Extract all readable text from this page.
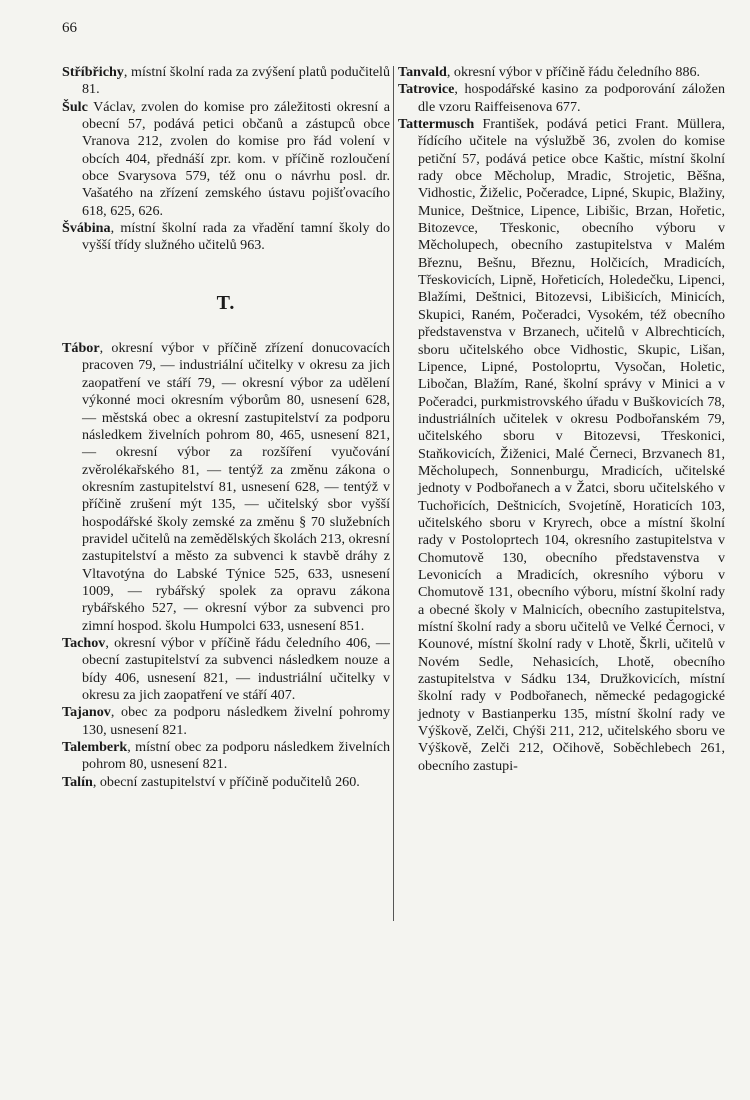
66

Stříbřichy, místní školní rada za zvýšení platů podučitelů 81.

Šulc Václav, zvolen do komise pro záležitosti okresní a obecní 57, podává petici občanů a zástupců obce Vranova 212, zvolen do komise pro řád volení v obcích 404, přednáší zpr. kom. v příčině rozloučení obce Svarysova 579, též onu o návrhu posl. dr. Vašatého na zřízení zemského ústavu pojišťovacího 618, 625, 626.

Švábina, místní školní rada za vřadění tamní školy do vyšší třídy služného učitelů 963.

T.

Tábor, okresní výbor v příčině zřízení donucovacích pracoven 79, — industriální učitelky v okresu za jich zaopatření ve stáří 79, — okresní výbor za udělení výkonné moci okresním výborům 80, usnesení 628, — městská obec a okresní zastupitelství za podporu následkem živelních pohrom 80, 465, usnesení 821, — okresní výbor za rozšíření vyučování zvěrolékařského 81, — tentýž za změnu zákona o okresním zastupitelství 81, usnesení 628, — tentýž v příčině zrušení mýt 135, — učitelský sbor vyšší hospodářské školy zemské za změnu § 70 služebních pravidel učitelů na zemědělských školách 213, okresní zastupitelství a město za subvenci k stavbě dráhy z Vltavotýna do Labské Týnice 525, 633, usnesení 1009, — rybářský spolek za opravu zákona rybářského 527, — okresní výbor za subvenci pro zimní hospod. školu Humpolci 633, usnesení 851.

Tachov, okresní výbor v příčině řádu čeledního 406, — obecní zastupitelství za subvenci následkem nouze a bídy 406, usnesení 821, — industriální učitelky v okresu za jich zaopatření ve stáří 407.

Tajanov, obec za podporu následkem živelní pohromy 130, usnesení 821.

Talemberk, místní obec za podporu následkem živelních pohrom 80, usnesení 821.

Talín, obecní zastupitelství v příčině podučitelů 260.

Tanvald, okresní výbor v příčině řádu čeledního 886.

Tatrovice, hospodářské kasino za podporování záložen dle vzoru Raiffeisenova 677.

Tattermusch František, podává petici Frant. Müllera, řídícího učitele na výslužbě 36, zvolen do komise petiční 57, podává petice obce Kaštic, místní školní rady obce Měcholup, Mradic, Strojetic, Běšna, Vidhostic, Žiželic, Počeradce, Lipné, Skupic, Blažiny, Munice, Deštnice, Lipence, Libišic, Brzan, Hořetic, Bitozevce, Třeskonic, obecního výboru v Měcholupech, obecního zastupitelstva v Malém Březnu, Bešnu, Březnu, Holčicích, Mradicích, Třeskovicích, Lipně, Hořeticích, Holedečku, Lipenci, Blažími, Deštnici, Bitozevsi, Libišicích, Minicích, Skupici, Raném, Počeradci, Vysokém, též obecního představenstva v Brzanech, učitelů v Albrechticích, sboru učitelského obce Vidhostic, Skupic, Lišan, Lipence, Lipné, Postoloprtu, Vysočan, Holetic, Libočan, Blažím, Rané, školní správy v Minici a v Počeradci, purkmistrovského úřadu v Buškovicích 78, industriálních učitelek v okresu Podbořanském 79, učitelského sboru v Bitozevsi, Třeskonici, Staňkovicích, Žiženici, Malé Černeci, Brzvanech 81, Měcholupech, Sonnenburgu, Mradicích, učitelské jednoty v Podbořanech a v Žatci, sboru učitelského v Tuchořicích, Deštnicích, Svojetíně, Horaticích 103, učitelského sboru v Kryrech, obce a místní školní rady v Postoloprtech 104, okresního zastupitelstva v Chomutově 130, obecního představenstva v Levonicích a Mradicích, okresního výboru v Chomutově 131, obecního výboru, místní školní rady a obecné školy v Malnicích, obecního zastupitelstva, místní školní rady a sboru učitelů ve Velké Černoci, v Kounové, místní školní rady v Lhotě, Škrli, učitelů v Novém Sedle, Nehasicích, Lhotě, obecního zastupitelstva v Sádku 134, Družkovicích, místní školní rady v Podbořanech, německé pedagogické jednoty v Bastianperku 135, místní školní rady ve Výškově, Zelči, Chýši 211, 212, učitelského sboru ve Výškově, Zelči 212, Očihově, Soběchlebech 261, obecního zastupi-
